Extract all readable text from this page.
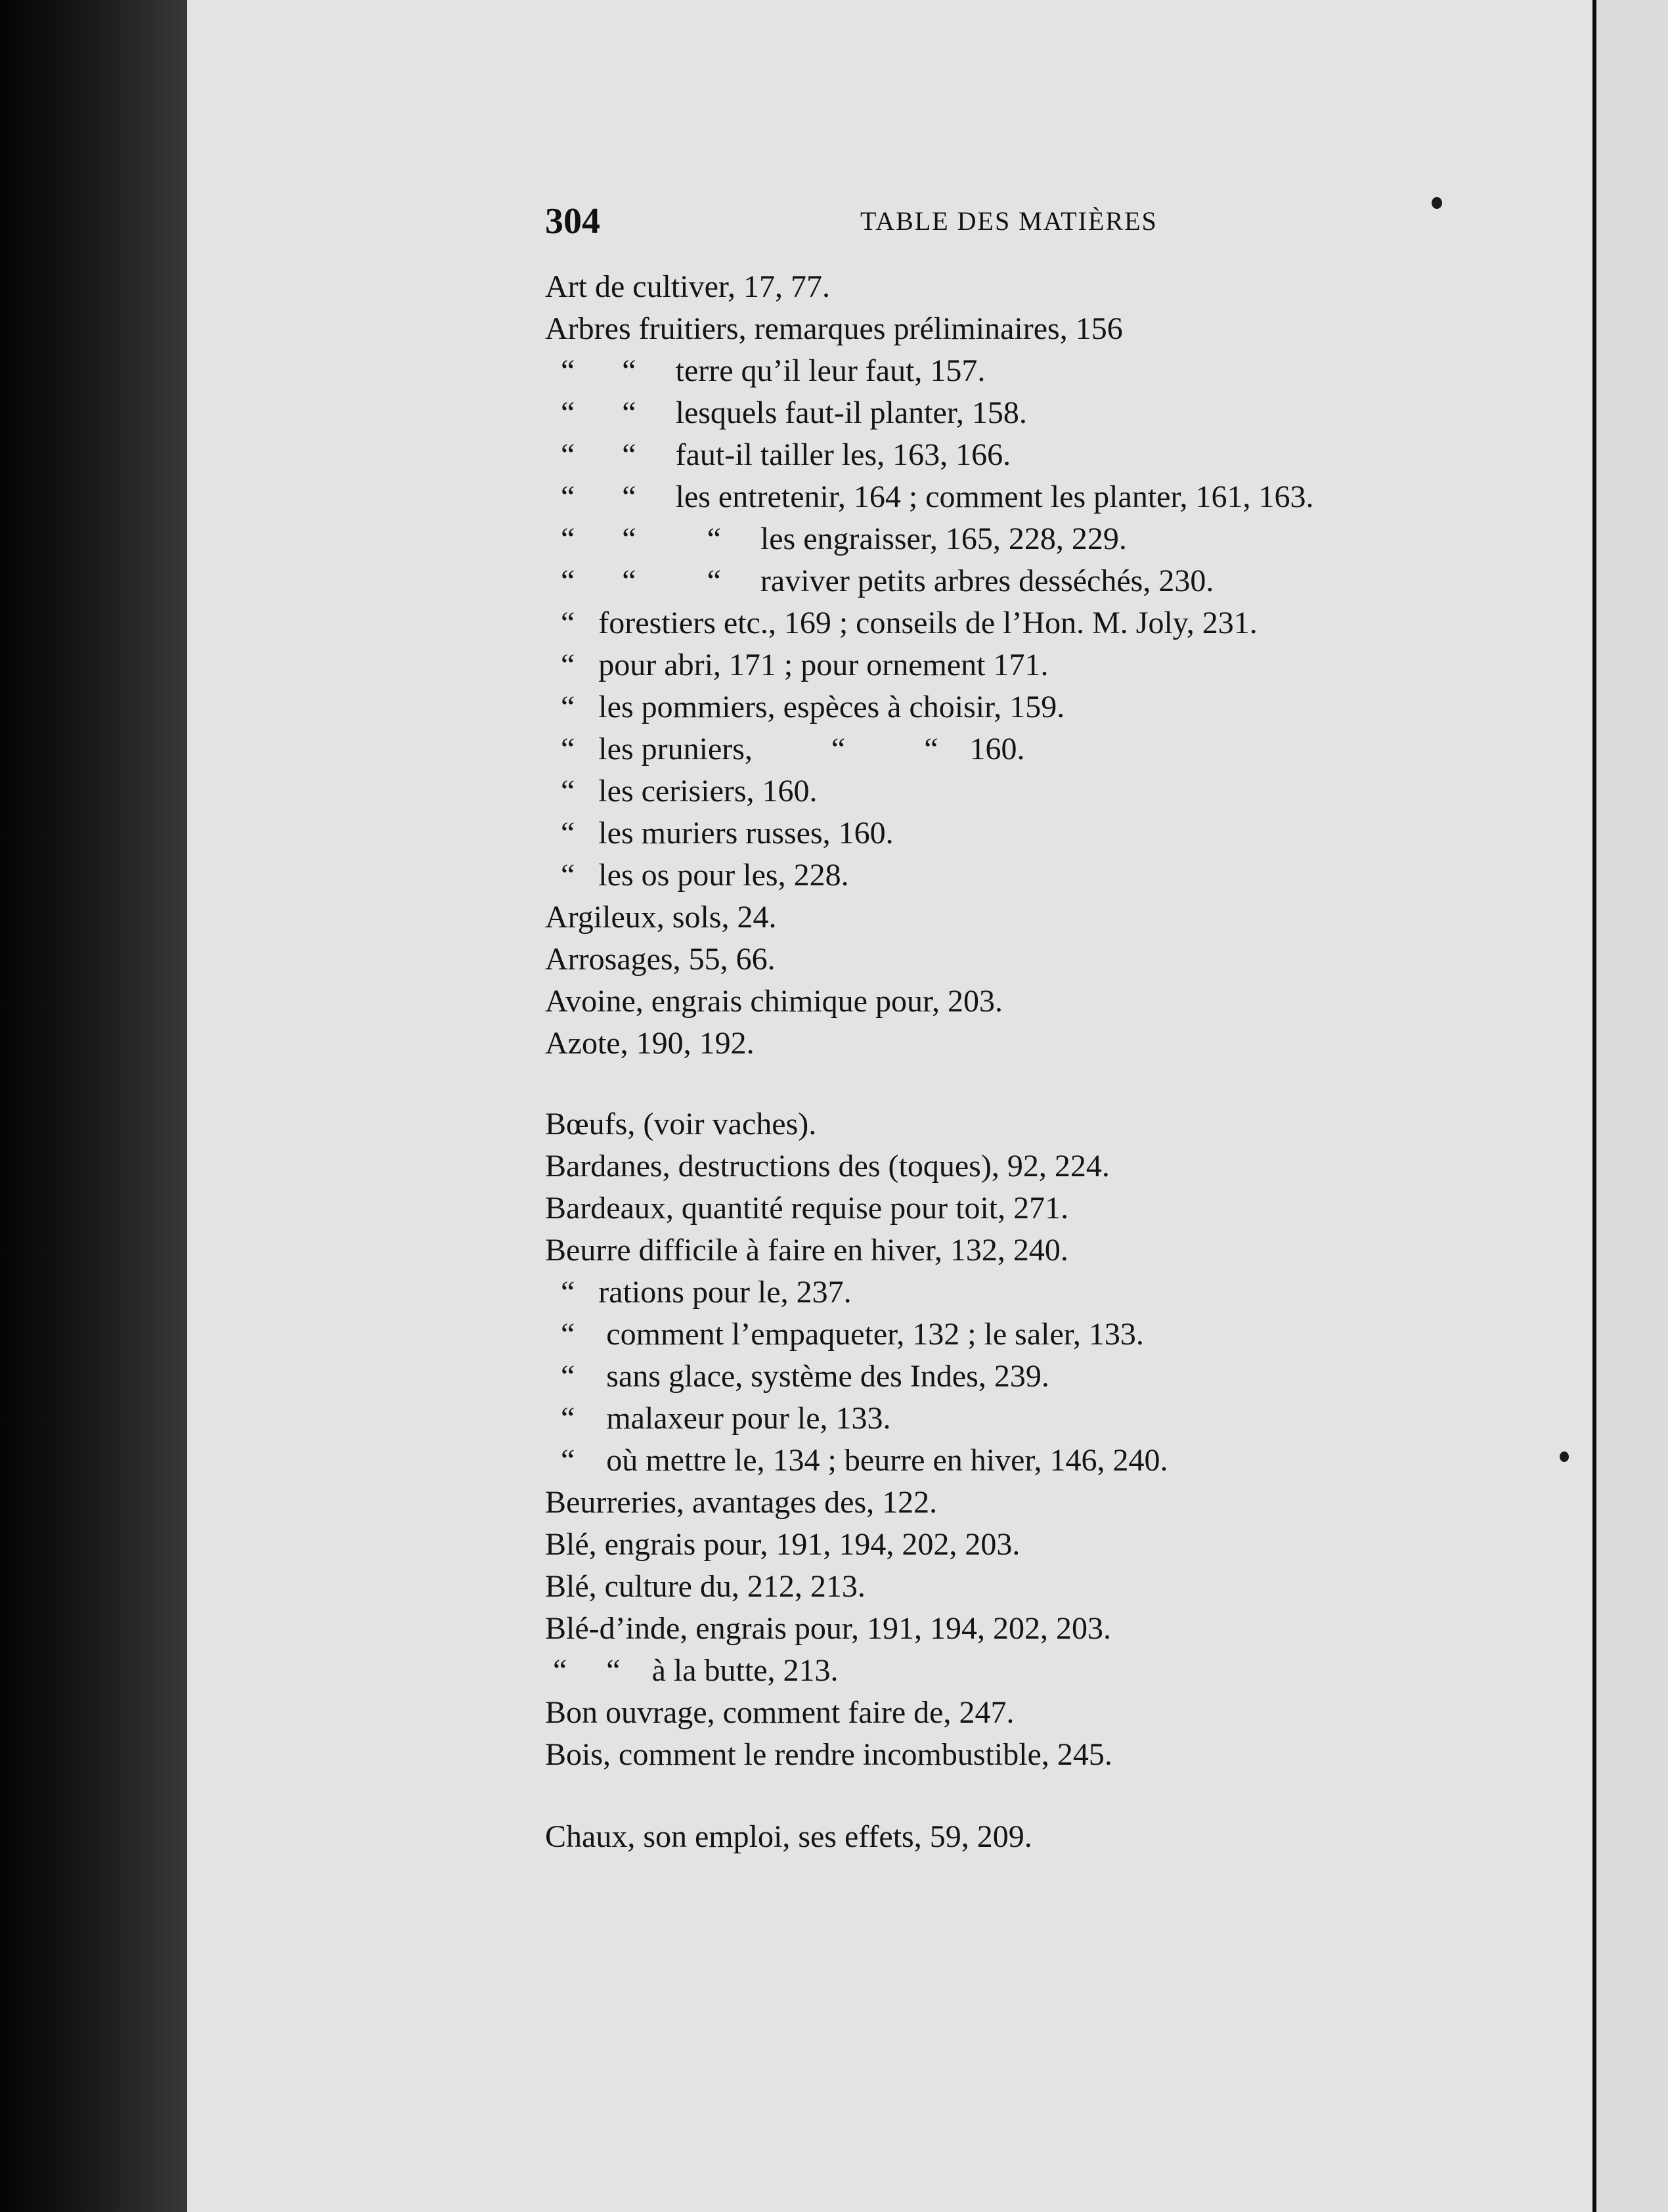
304	TABLE DES MATIÈRES
Art de cultiver, 17, 77.
Arbres fruitiers, remarques préliminaires, 156
“      “     terre qu’il leur faut, 157.
“      “     lesquels faut-il planter, 158.
“      “     faut-il tailler les, 163, 166.
“      “     les entretenir, 164 ; comment les planter, 161, 163.
“      “         “     les engraisser, 165, 228, 229.
“      “         “     raviver petits arbres desséchés, 230.
“   forestiers etc., 169 ; conseils de l’Hon. M. Joly, 231.
“   pour abri, 171 ; pour ornement 171.
“   les pommiers, espèces à choisir, 159.
“   les pruniers,          “          “    160.
“   les cerisiers, 160.
“   les muriers russes, 160.
“   les os pour les, 228.
Argileux, sols, 24.
Arrosages, 55, 66.
Avoine, engrais chimique pour, 203.
Azote, 190, 192.
Bœufs, (voir vaches).
Bardanes, destructions des (toques), 92, 224.
Bardeaux, quantité requise pour toit, 271.
Beurre difficile à faire en hiver, 132, 240.
“   rations pour le, 237.
“    comment l’empaqueter, 132 ; le saler, 133.
“    sans glace, système des Indes, 239.
“    malaxeur pour le, 133.
“    où mettre le, 134 ; beurre en hiver, 146, 240.
Beurreries, avantages des, 122.
Blé, engrais pour, 191, 194, 202, 203.
Blé, culture du, 212, 213.
Blé-d’inde, engrais pour, 191, 194, 202, 203.
“     “    à la butte, 213.
Bon ouvrage, comment faire de, 247.
Bois, comment le rendre incombustible, 245.
Chaux, son emploi, ses effets, 59, 209.
